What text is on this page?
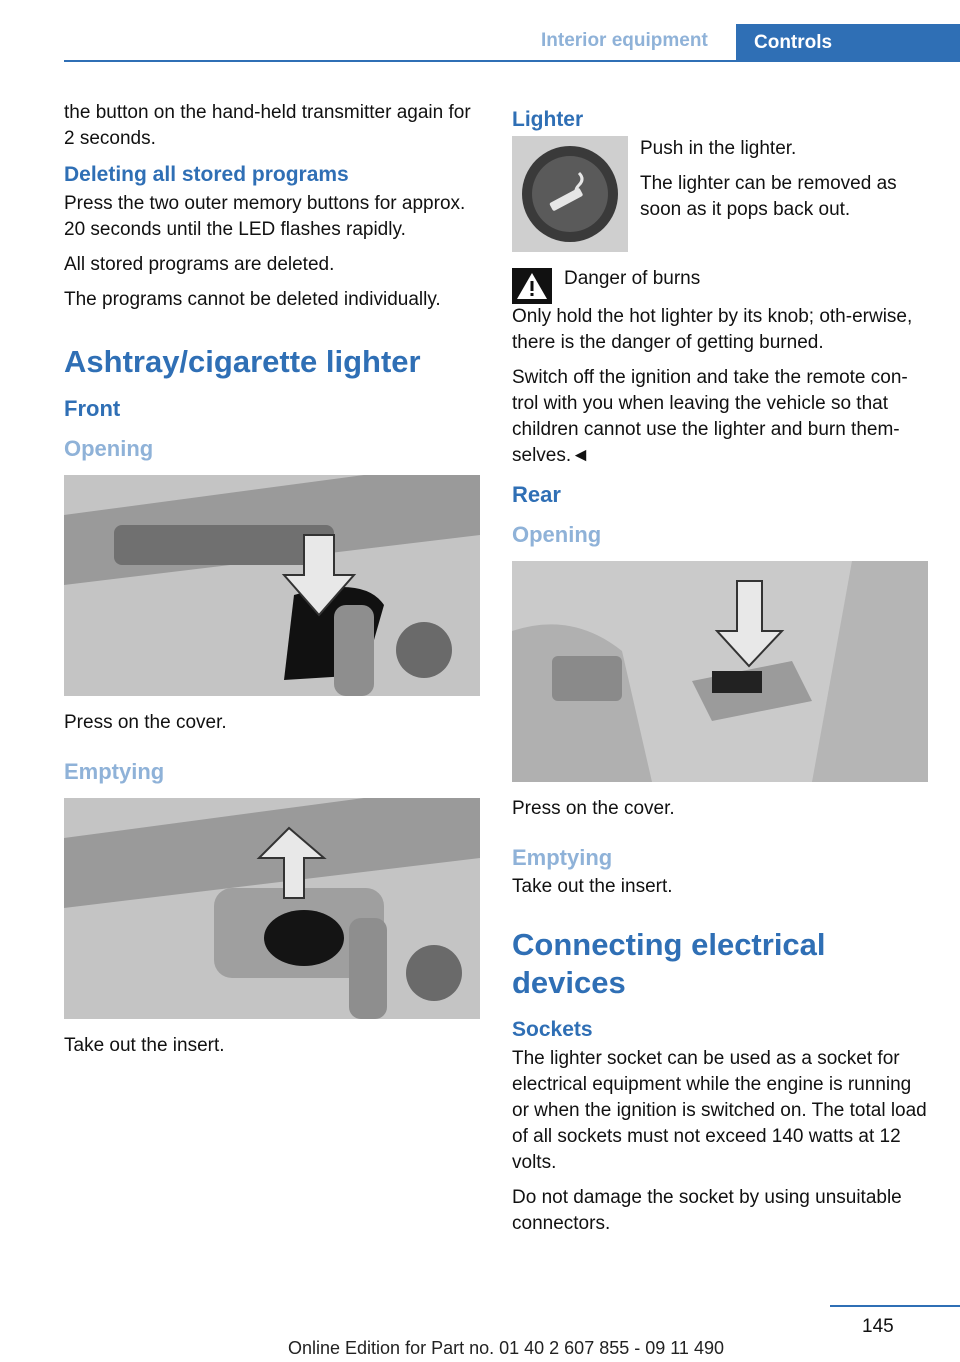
Interior equipment	Controls

the button on the hand-held transmitter again for 2 seconds.

Deleting all stored programs

Press the two outer memory buttons for approx. 20 seconds until the LED flashes rapidly.

All stored programs are deleted.

The programs cannot be deleted individually.

Ashtray/cigarette lighter
Front
Opening

Press on the cover.

Emptying

Take out the insert.

Lighter

Push in the lighter.

The lighter can be removed as soon as it pops back out.

Danger of burns

Only hold the hot lighter by its knob; oth-erwise, there is the danger of getting burned.

Switch off the ignition and take the remote con-trol with you when leaving the vehicle so that children cannot use the lighter and burn them-selves.◄

Rear
Opening

Press on the cover.

Emptying

Take out the insert.

Connecting electrical devices
Sockets

The lighter socket can be used as a socket for electrical equipment while the engine is running or when the ignition is switched on. The total load of all sockets must not exceed 140 watts at 12 volts.

Do not damage the socket by using unsuitable connectors.

145
Online Edition for Part no. 01 40 2 607 855 - 09 11 490
